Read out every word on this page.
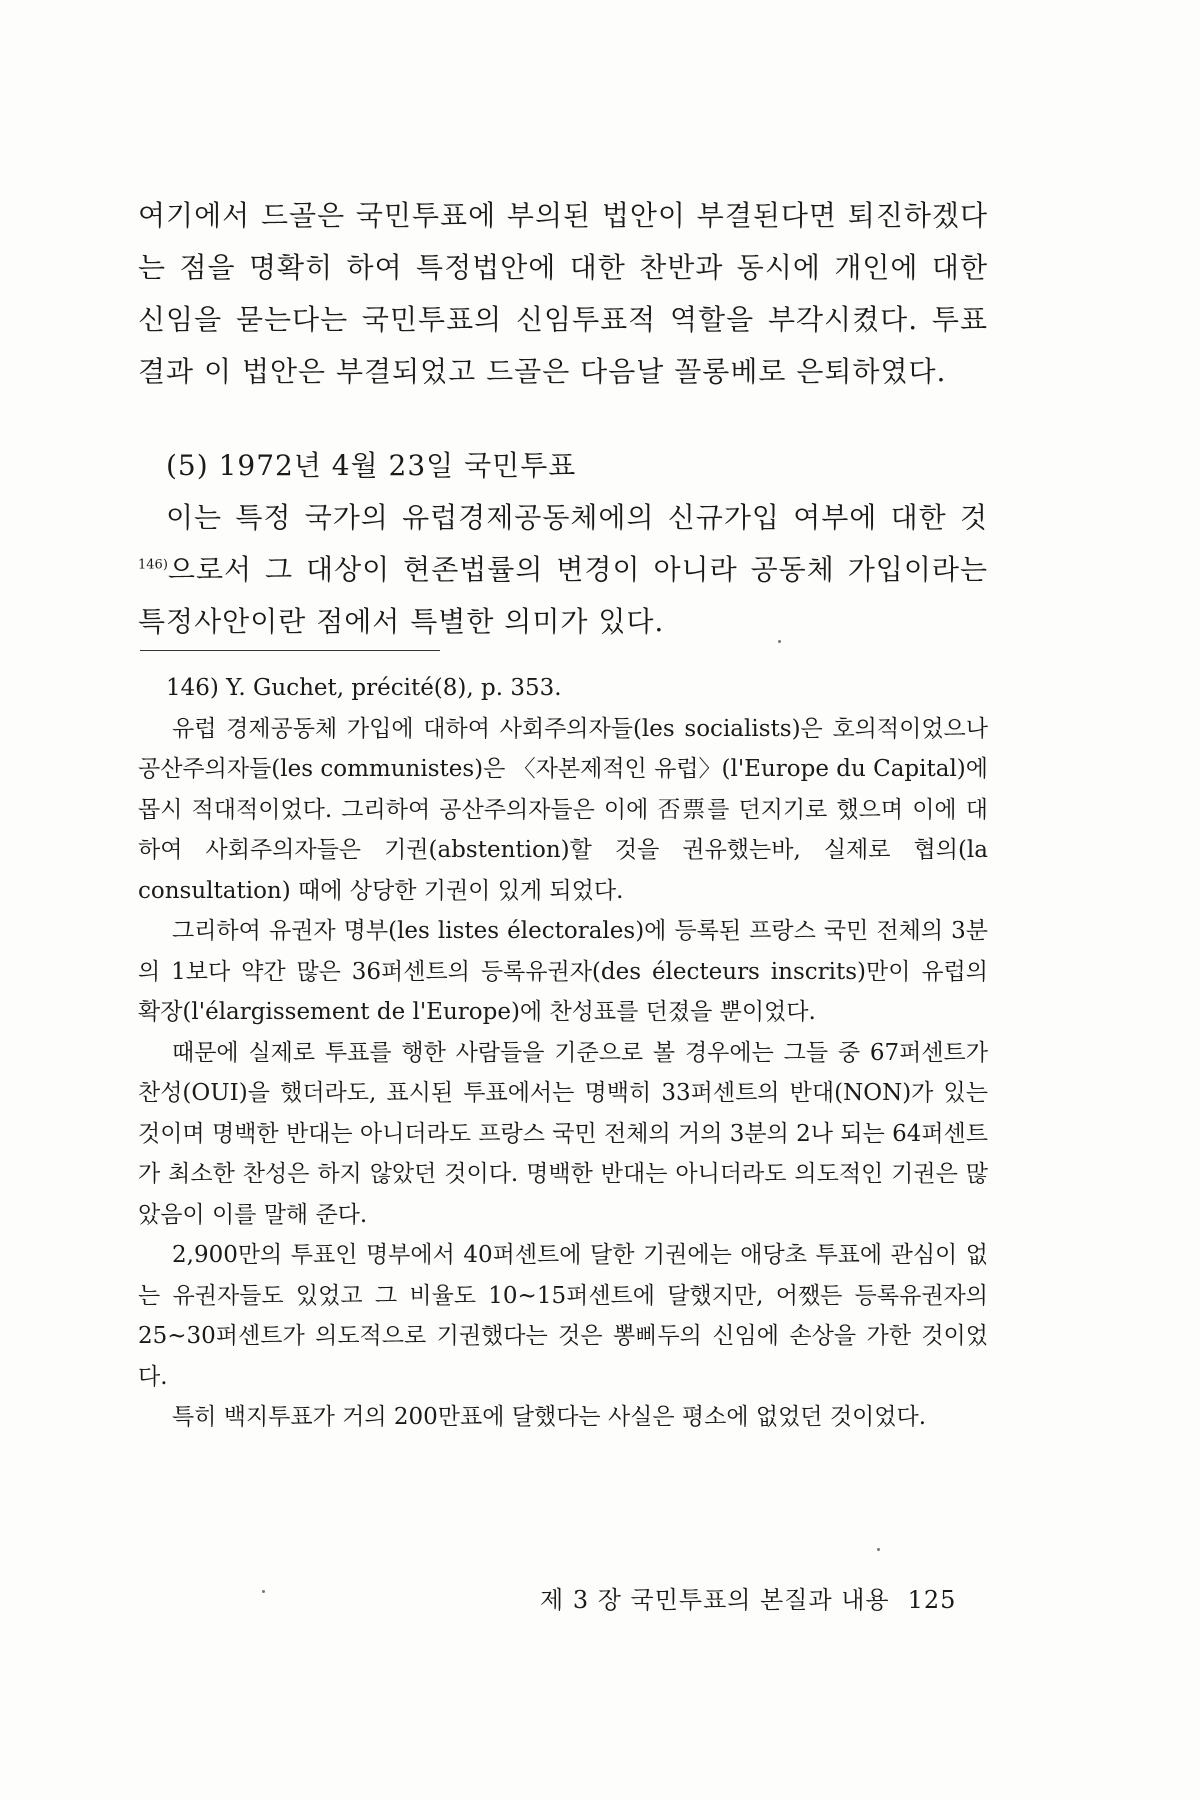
여기에서 드골은 국민투표에 부의된 법안이 부결된다면 퇴진하겠다는 점을 명확히 하여 특정법안에 대한 찬반과 동시에 개인에 대한 신임을 묻는다는 국민투표의 신임투표적 역할을 부각시켰다. 투표 결과 이 법안은 부결되었고 드골은 다음날 꼴롱베로 은퇴하였다.

(5) 1972년 4월 23일 국민투표
이는 특정 국가의 유럽경제공동체에의 신규가입 여부에 대한 것$^{146)}$으로서 그 대상이 현존법률의 변경이 아니라 공동체 가입이라는 특정사안이란 점에서 특별한 의미가 있다.

146) Y. Guchet, précité(8), p. 353.

유럽 경제공동체 가입에 대하여 사회주의자들(les socialists)은 호의적이었으나 공산주의자들(les communistes)은 〈자본제적인 유럽〉(l'Europe du Capital)에 몹시 적대적이었다. 그리하여 공산주의자들은 이에 否票를 던지기로 했으며 이에 대하여 사회주의자들은 기권(abstention)할 것을 권유했는바, 실제로 협의(la consultation) 때에 상당한 기권이 있게 되었다.

그리하여 유권자 명부(les listes électorales)에 등록된 프랑스 국민 전체의 3분의 1보다 약간 많은 36퍼센트의 등록유권자(des électeurs inscrits)만이 유럽의 확장(l'élargissement de l'Europe)에 찬성표를 던졌을 뿐이었다.

때문에 실제로 투표를 행한 사람들을 기준으로 볼 경우에는 그들 중 67퍼센트가 찬성(OUI)을 했더라도, 표시된 투표에서는 명백히 33퍼센트의 반대(NON)가 있는 것이며 명백한 반대는 아니더라도 프랑스 국민 전체의 거의 3분의 2나 되는 64퍼센트가 최소한 찬성은 하지 않았던 것이다. 명백한 반대는 아니더라도 의도적인 기권은 많았음이 이를 말해 준다.

2,900만의 투표인 명부에서 40퍼센트에 달한 기권에는 애당초 투표에 관심이 없는 유권자들도 있었고 그 비율도 10~15퍼센트에 달했지만, 어쨌든 등록유권자의 25~30퍼센트가 의도적으로 기권했다는 것은 뽕삐두의 신임에 손상을 가한 것이었다.

특히 백지투표가 거의 200만표에 달했다는 사실은 평소에 없었던 것이었다.

제 3 장 국민투표의 본질과 내용 125
